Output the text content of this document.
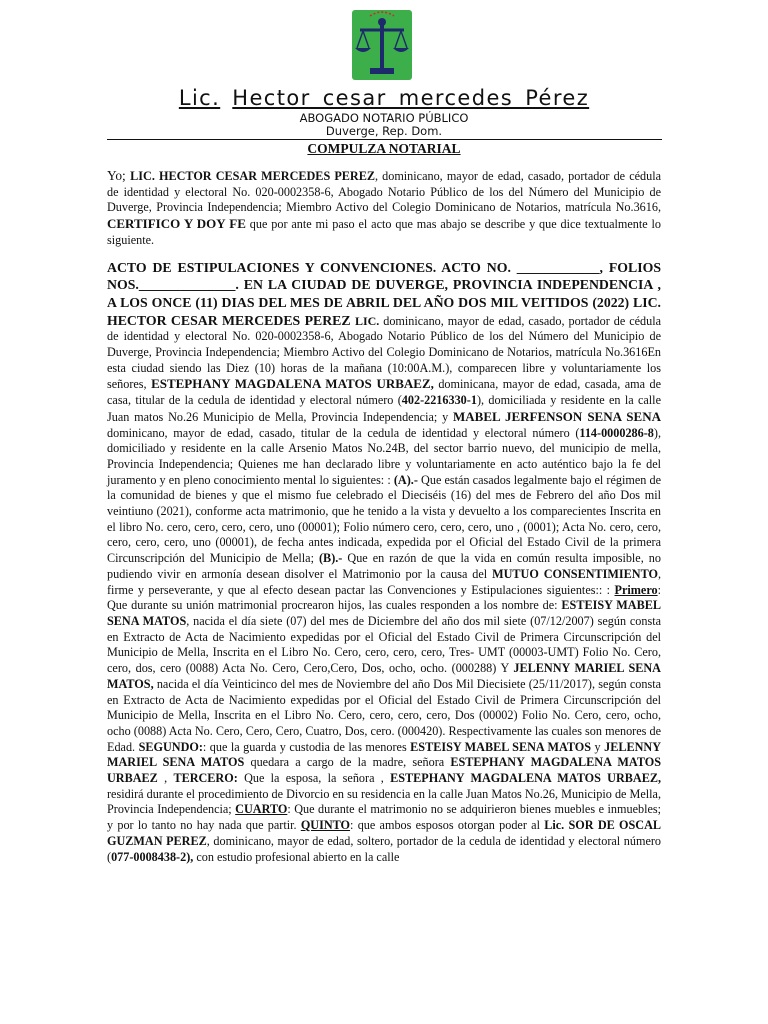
Lic. Hector cesar mercedes Pérez
ABOGADO NOTARIO PÚBLICO
Duverge, Rep. Dom.
COMPULZA NOTARIAL

Yo; LIC. HECTOR CESAR MERCEDES PEREZ, dominicano, mayor de edad, casado, portador de cédula de identidad y electoral No. 020-0002358-6, Abogado Notario Público de los del Número del Municipio de Duverge, Provincia Independencia; Miembro Activo del Colegio Dominicano de Notarios, matrícula No.3616, CERTIFICO Y DOY FE que por ante mi paso el acto que mas abajo se describe y que dice textualmente lo siguiente.

ACTO DE ESTIPULACIONES Y CONVENCIONES. ACTO NO. ____________, FOLIOS NOS.______________. EN LA CIUDAD DE DUVERGE, PROVINCIA INDEPENDENCIA , A LOS ONCE (11) DIAS DEL MES DE ABRIL DEL AÑO DOS MIL VEITIDOS (2022) LIC. HECTOR CESAR MERCEDES PEREZ LIC. dominicano, mayor de edad, casado, portador de cédula de identidad y electoral No. 020-0002358-6, Abogado Notario Público de los del Número del Municipio de Duverge, Provincia Independencia; Miembro Activo del Colegio Dominicano de Notarios, matrícula No.3616En esta ciudad siendo las Diez (10) horas de la mañana (10:00A.M.), comparecen libre y voluntariamente los señores, ESTEPHANY MAGDALENA MATOS URBAEZ, dominicana, mayor de edad, casada, ama de casa, titular de la cedula de identidad y electoral número (402-2216330-1), domiciliada y residente en la calle Juan matos No.26 Municipio de Mella, Provincia Independencia; y MABEL JERFENSON SENA SENA dominicano, mayor de edad, casado, titular de la cedula de identidad y electoral número (114-0000286-8), domiciliado y residente en la calle Arsenio Matos No.24B, del sector barrio nuevo, del municipio de mella, Provincia Independencia; Quienes me han declarado libre y voluntariamente en acto auténtico bajo la fe del juramento y en pleno conocimiento mental lo siguientes: : (A).- Que están casados legalmente bajo el régimen de la comunidad de bienes y que el mismo fue celebrado el Dieciséis (16) del mes de Febrero del año Dos mil veintiuno (2021), conforme acta matrimonio, que he tenido a la vista y devuelto a los comparecientes Inscrita en el libro No. cero, cero, cero, cero, uno (00001); Folio número cero, cero, cero, uno , (0001); Acta No. cero, cero, cero, cero, cero, uno (00001), de fecha antes indicada, expedida por el Oficial del Estado Civil de la primera Circunscripción del Municipio de Mella; (B).- Que en razón de que la vida en común resulta imposible, no pudiendo vivir en armonía desean disolver el Matrimonio por la causa del MUTUO CONSENTIMIENTO, firme y perseverante, y que al efecto desean pactar las Convenciones y Estipulaciones siguientes:: : Primero: Que durante su unión matrimonial procrearon hijos, las cuales responden a los nombre de: ESTEISY MABEL SENA MATOS, nacida el día siete (07) del mes de Diciembre del año dos mil siete (07/12/2007) según consta en Extracto de Acta de Nacimiento expedidas por el Oficial del Estado Civil de Primera Circunscripción del Municipio de Mella, Inscrita en el Libro No. Cero, cero, cero, cero, Tres- UMT (00003-UMT) Folio No. Cero, cero, dos, cero (0088) Acta No. Cero, Cero,Cero, Dos, ocho, ocho. (000288) Y JELENNY MARIEL SENA MATOS, nacida el día Veinticinco del mes de Noviembre del año Dos Mil Diecisiete (25/11/2017), según consta en Extracto de Acta de Nacimiento expedidas por el Oficial del Estado Civil de Primera Circunscripción del Municipio de Mella, Inscrita en el Libro No. Cero, cero, cero, cero, Dos (00002) Folio No. Cero, cero, ocho, ocho (0088) Acta No. Cero, Cero, Cero, Cuatro, Dos, cero. (000420). Respectivamente las cuales son menores de Edad. SEGUNDO:: que la guarda y custodia de las menores ESTEISY MABEL SENA MATOS y JELENNY MARIEL SENA MATOS quedara a cargo de la madre, señora ESTEPHANY MAGDALENA MATOS URBAEZ , TERCERO: Que la esposa, la señora , ESTEPHANY MAGDALENA MATOS URBAEZ, residirá durante el procedimiento de Divorcio en su residencia en la calle Juan Matos No.26, Municipio de Mella, Provincia Independencia; CUARTO: Que durante el matrimonio no se adquirieron bienes muebles e inmuebles; y por lo tanto no hay nada que partir. QUINTO: que ambos esposos otorgan poder al Lic. SOR DE OSCAL GUZMAN PEREZ, dominicano, mayor de edad, soltero, portador de la cedula de identidad y electoral número (077-0008438-2), con estudio profesional abierto en la calle
